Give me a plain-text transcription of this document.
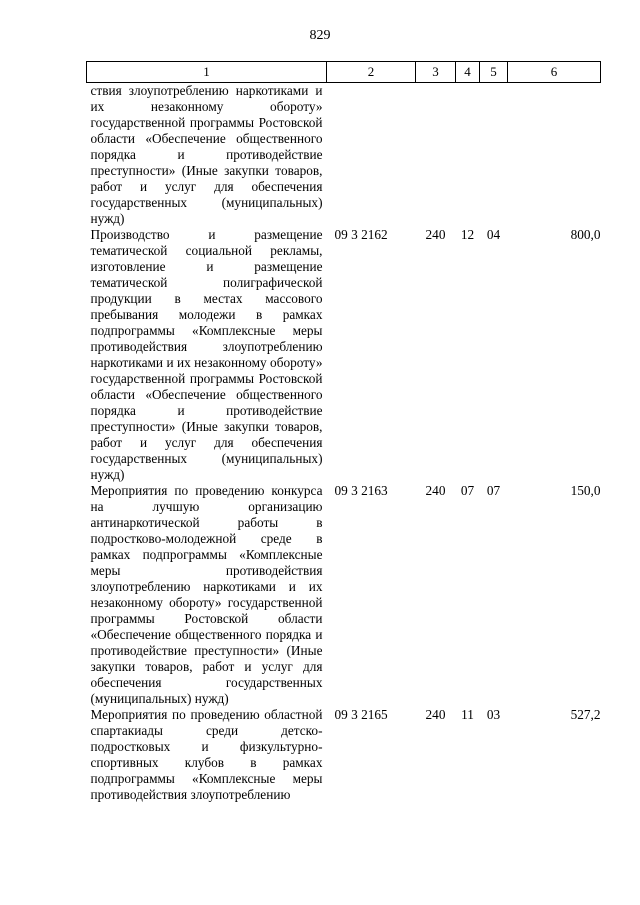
829
1	2	3	4	5	6
ствия злоупотреблению наркотиками и их незаконному обороту» государственной программы Ростовской области «Обеспечение общественного порядка и противодействие преступности» (Иные закупки товаров, работ и услуг для обеспечения государственных (муниципальных) нужд)					
Производство и размещение тематической социальной рекламы, изготовление и размещение тематической полиграфической продукции в местах массового пребывания молодежи в рамках подпрограммы «Комплексные меры противодействия злоупотреблению наркотиками и их незаконному обороту» государственной программы Ростовской области «Обеспечение общественного порядка и противодействие преступности» (Иные закупки товаров, работ и услуг для обеспечения государственных (муниципальных) нужд)	09 3 2162	240	12	04	800,0
Мероприятия по проведению конкурса на лучшую организацию антинаркотической работы в подростково-молодежной среде в рамках подпрограммы «Комплексные меры противодействия злоупотреблению наркотиками и их незаконному обороту» государственной программы Ростовской области «Обеспечение общественного порядка и противодействие преступности» (Иные закупки товаров, работ и услуг для обеспечения государственных (муниципальных) нужд)	09 3 2163	240	07	07	150,0
Мероприятия по проведению областной спартакиады среди детско-подростковых и физкультурно-спортивных клубов в рамках подпрограммы «Комплексные меры противодействия злоупотреблению	09 3 2165	240	11	03	527,2
